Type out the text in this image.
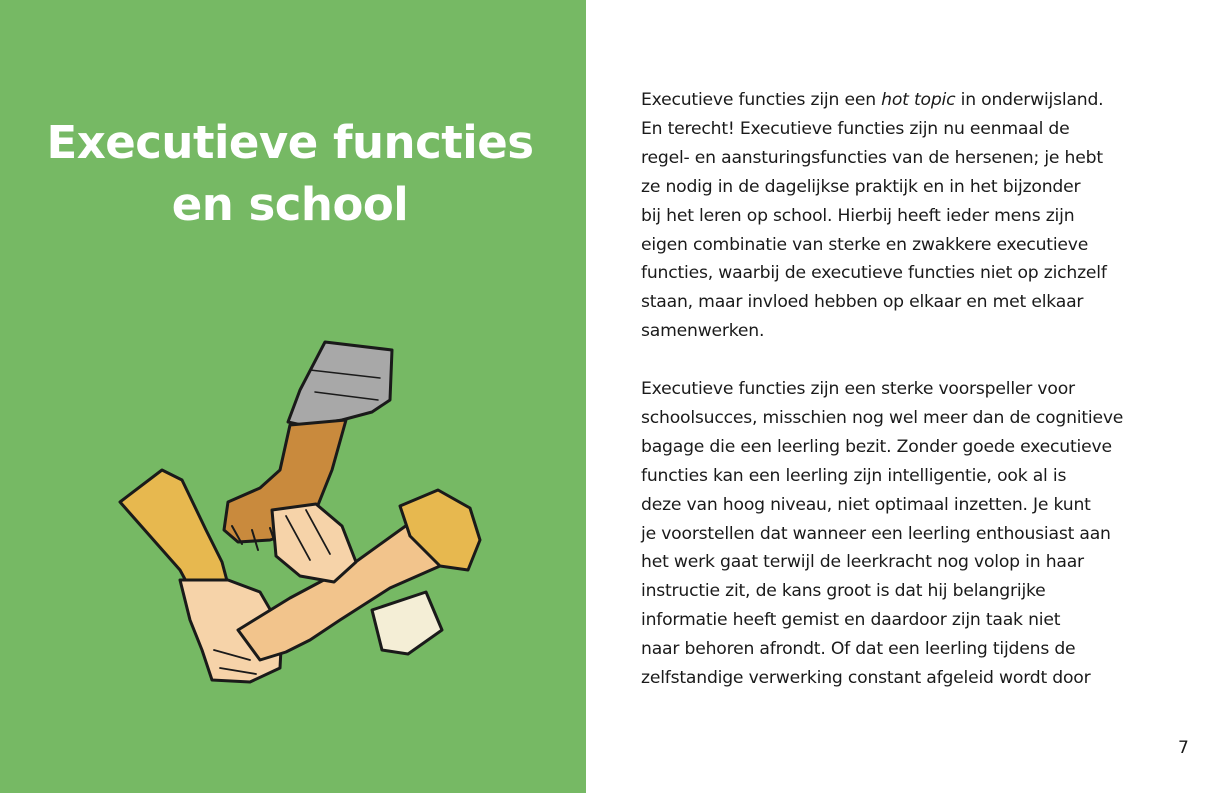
Executieve functies
en school

Executieve functies zijn een hot topic in onderwijsland.
En terecht! Executieve functies zijn nu eenmaal de
regel- en aansturingsfuncties van de hersenen; je hebt
ze nodig in de dagelijkse praktijk en in het bijzonder
bij het leren op school. Hierbij heeft ieder mens zijn
eigen combinatie van sterke en zwakkere executieve
functies, waarbij de executieve functies niet op zichzelf
staan, maar invloed hebben op elkaar en met elkaar
samenwerken.

Executieve functies zijn een sterke voorspeller voor
schoolsucces, misschien nog wel meer dan de cognitieve
bagage die een leerling bezit. Zonder goede executieve
functies kan een leerling zijn intelligentie, ook al is
deze van hoog niveau, niet optimaal inzetten. Je kunt
je voorstellen dat wanneer een leerling enthousiast aan
het werk gaat terwijl de leerkracht nog volop in haar
instructie zit, de kans groot is dat hij belangrijke
informatie heeft gemist en daardoor zijn taak niet
naar behoren afrondt. Of dat een leerling tijdens de
zelfstandige verwerking constant afgeleid wordt door

7
